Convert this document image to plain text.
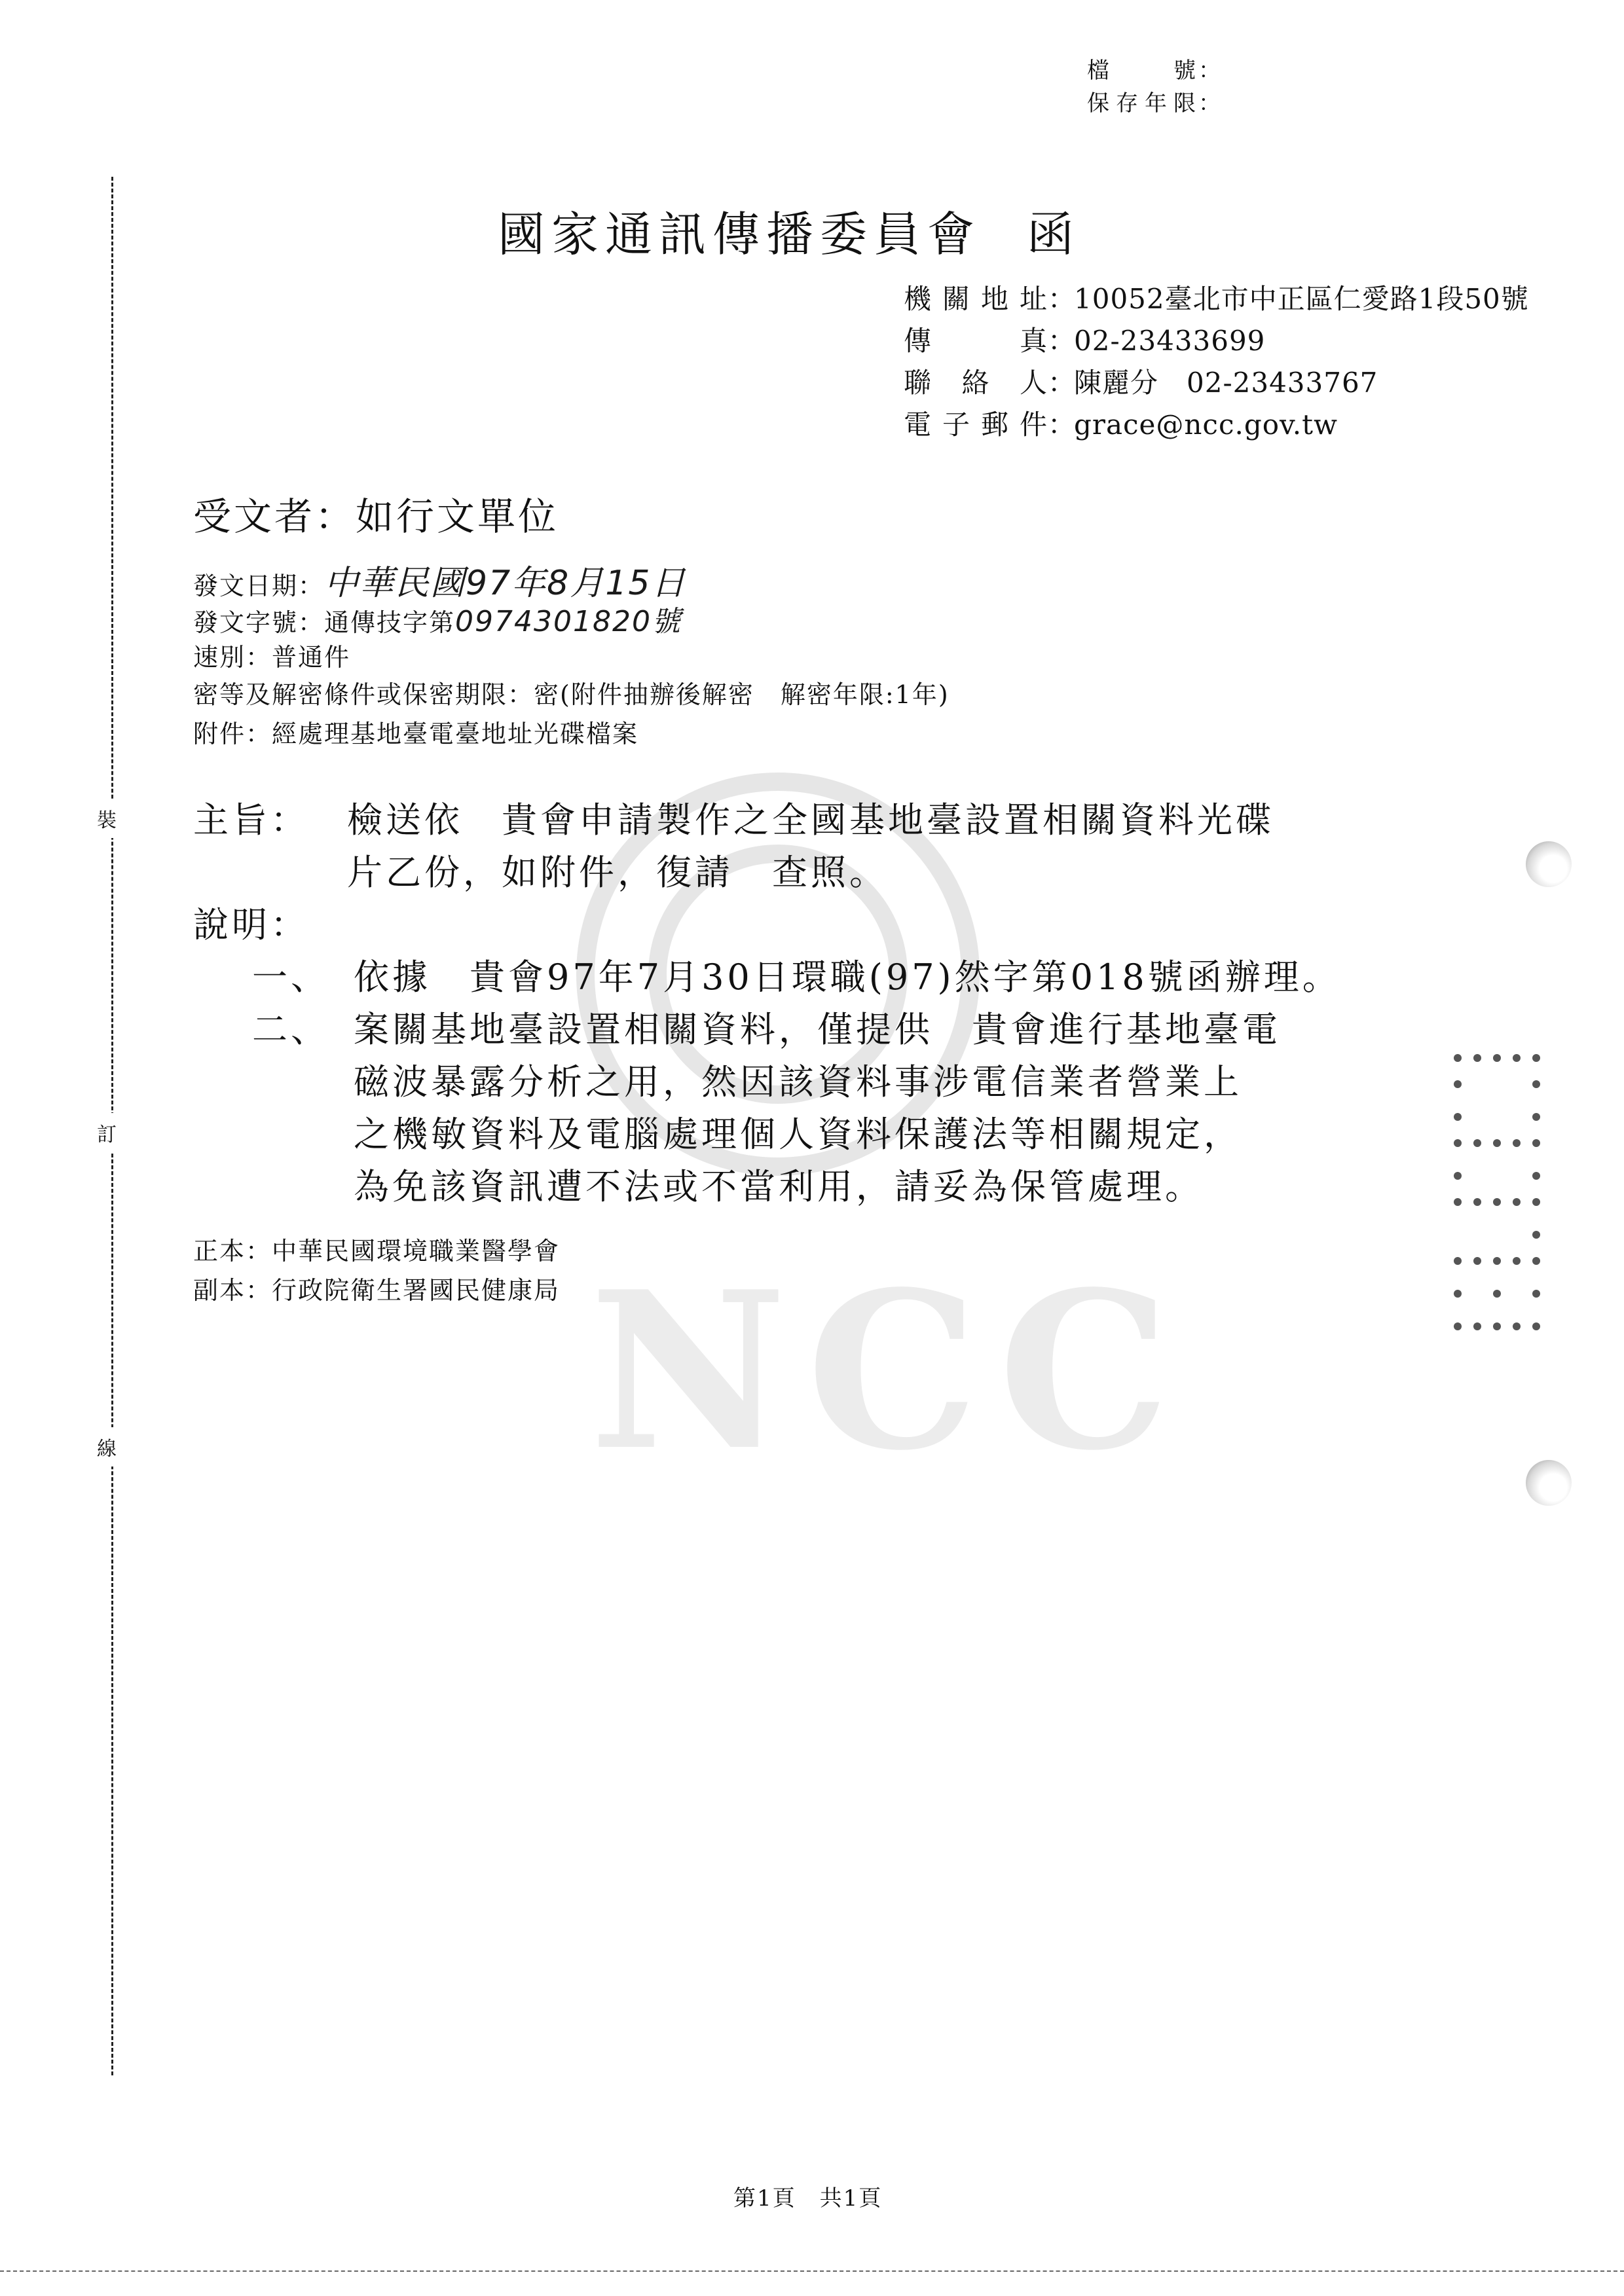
NCC
檔號：
保存年限：
裝
訂
線
國家通訊傳播委員會 函
機關地址：10052臺北市中正區仁愛路1段50號
傳真：02-23433699
聯絡人：陳麗分　02-23433767
電子郵件：grace@ncc.gov.tw
受文者：如行文單位
發文日期：中華民國97年8月15日
發文字號：通傳技字第0974301820號
速別：普通件
密等及解密條件或保密期限：密(附件抽辦後解密　解密年限:1年)
附件：經處理基地臺電臺地址光碟檔案
主旨： 檢送依　貴會申請製作之全國基地臺設置相關資料光碟
片乙份，如附件，復請　查照。
說明：
一、 依據　貴會97年7月30日環職(97)然字第018號函辦理。
二、 案關基地臺設置相關資料，僅提供　貴會進行基地臺電
磁波暴露分析之用，然因該資料事涉電信業者營業上
之機敏資料及電腦處理個人資料保護法等相關規定，
為免該資訊遭不法或不當利用，請妥為保管處理。
正本：中華民國環境職業醫學會
副本：行政院衛生署國民健康局
第1頁　共1頁
